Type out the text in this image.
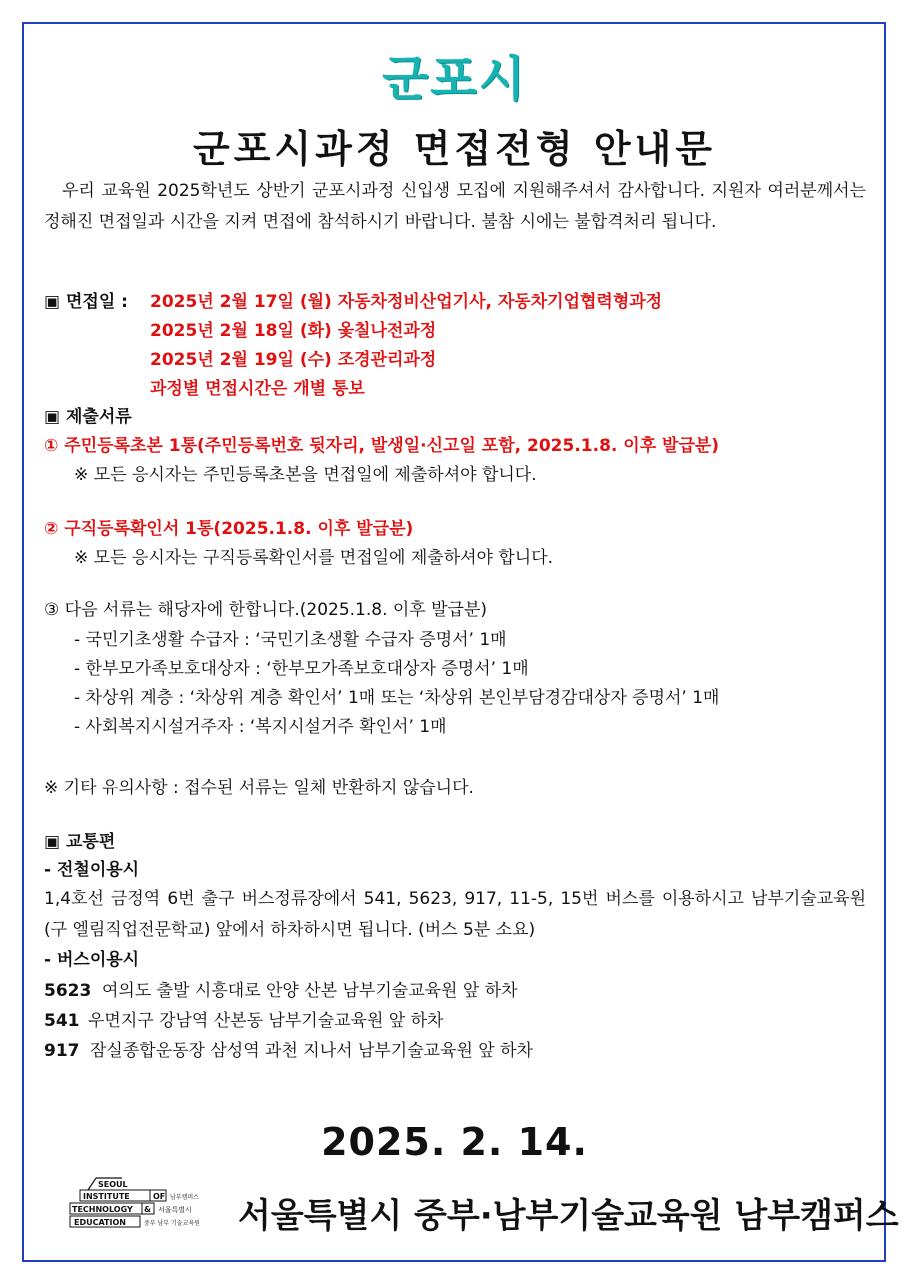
군포시
군포시과정 면접전형 안내문
우리 교육원 2025학년도 상반기 군포시과정 신입생 모집에 지원해주셔서 감사합니다. 지원자 여러분께서는 정해진 면접일과 시간을 지켜 면접에 참석하시기 바랍니다. 불참 시에는 불합격처리 됩니다.
▣ 면접일 : 2025년 2월 17일 (월) 자동차정비산업기사, 자동차기업협력형과정
2025년 2월 18일 (화) 옻칠나전과정
2025년 2월 19일 (수) 조경관리과정
과정별 면접시간은 개별 통보
▣ 제출서류
① 주민등록초본 1통(주민등록번호 뒷자리, 발생일·신고일 포함, 2025.1.8. 이후 발급분)
※ 모든 응시자는 주민등록초본을 면접일에 제출하셔야 합니다.
② 구직등록확인서 1통(2025.1.8. 이후 발급분)
※ 모든 응시자는 구직등록확인서를 면접일에 제출하셔야 합니다.
③ 다음 서류는 해당자에 한합니다.(2025.1.8. 이후 발급분)
- 국민기초생활 수급자 : ‘국민기초생활 수급자 증명서’ 1매
- 한부모가족보호대상자 : ‘한부모가족보호대상자 증명서’ 1매
- 차상위 계층 : ‘차상위 계층 확인서’ 1매 또는 ‘차상위 본인부담경감대상자 증명서’ 1매
- 사회복지시설거주자 : ‘복지시설거주 확인서’ 1매
※ 기타 유의사항 : 접수된 서류는 일체 반환하지 않습니다.
▣ 교통편
- 전철이용시
1,4호선 금정역 6번 출구 버스정류장에서 541, 5623, 917, 11-5, 15번 버스를 이용하시고 남부기술교육원(구 엘림직업전문학교) 앞에서 하차하시면 됩니다. (버스 5분 소요)
- 버스이용시
5623 여의도 출발 시흥대로 안양 산본 남부기술교육원 앞 하차
541 우면지구 강남역 산본동 남부기술교육원 앞 하차
917 잠실종합운동장 삼성역 과천 지나서 남부기술교육원 앞 하차
2025. 2. 14.
SEOUL
INSTITUTE	OF
TECHNOLOGY &
EDUCATION
남부캠퍼스
서울특별시
중부 남부 기술교육원 서울특별시 중부·남부기술교육원 남부캠퍼스
